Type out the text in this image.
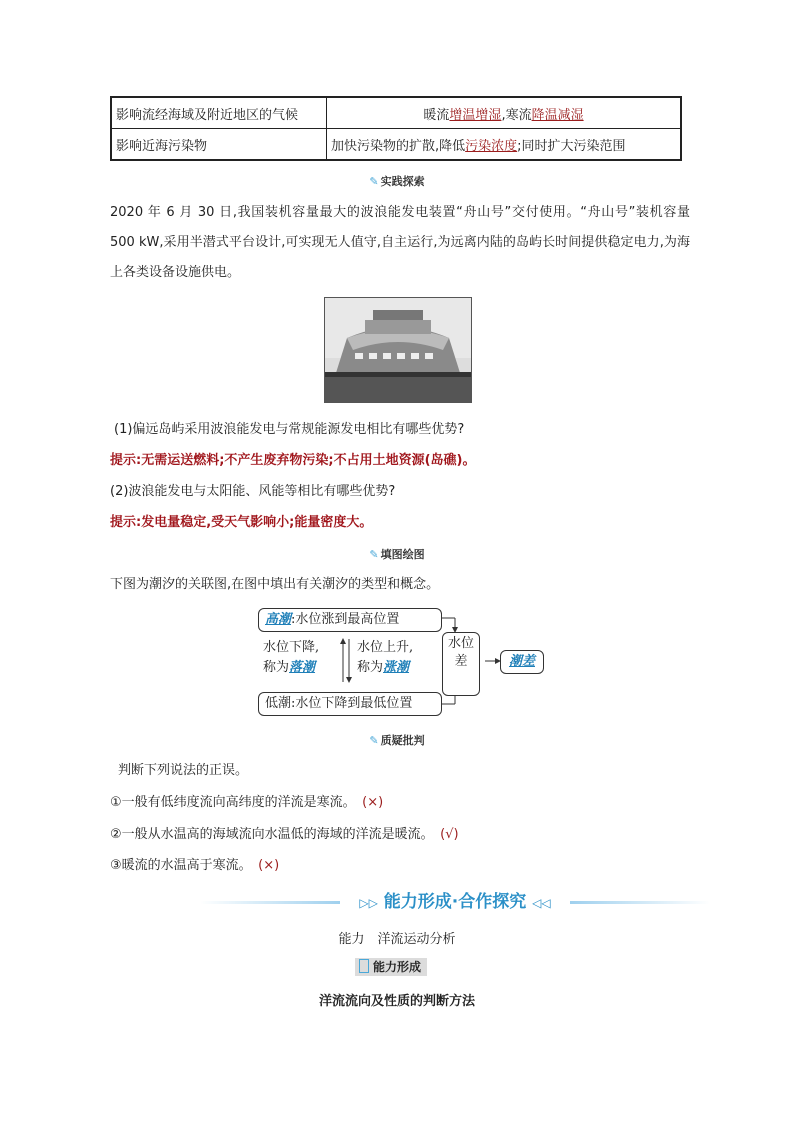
影响流经海域及附近地区的气候	暖流增温增湿,寒流降温减湿
影响近海污染物	加快污染物的扩散,降低污染浓度;同时扩大污染范围
✎ 实践探索
2020 年 6 月 30 日,我国装机容量最大的波浪能发电装置“舟山号”交付使用。“舟山号”装机容量 500 kW,采用半潜式平台设计,可实现无人值守,自主运行,为远离内陆的岛屿长时间提供稳定电力,为海上各类设备设施供电。
(1)偏远岛屿采用波浪能发电与常规能源发电相比有哪些优势?
提示:无需运送燃料;不产生废弃物污染;不占用土地资源(岛礁)。
(2)波浪能发电与太阳能、风能等相比有哪些优势?
提示:发电量稳定,受天气影响小;能量密度大。
✎ 填图绘图
下图为潮汐的关联图,在图中填出有关潮汐的类型和概念。
高潮:水位涨到最高位置
水位下降,
称为落潮
水位上升,
称为涨潮
低潮:水位下降到最低位置
水位差	潮差
✎ 质疑批判
判断下列说法的正误。
①一般有低纬度流向高纬度的洋流是寒流。　 (×)
②一般从水温高的海域流向水温低的海域的洋流是暖流。　 (√)
③暖流的水温高于寒流。　 (×)
▷▷ 能力形成·合作探究 ◁◁
能力　洋流运动分析
能力形成
洋流流向及性质的判断方法
